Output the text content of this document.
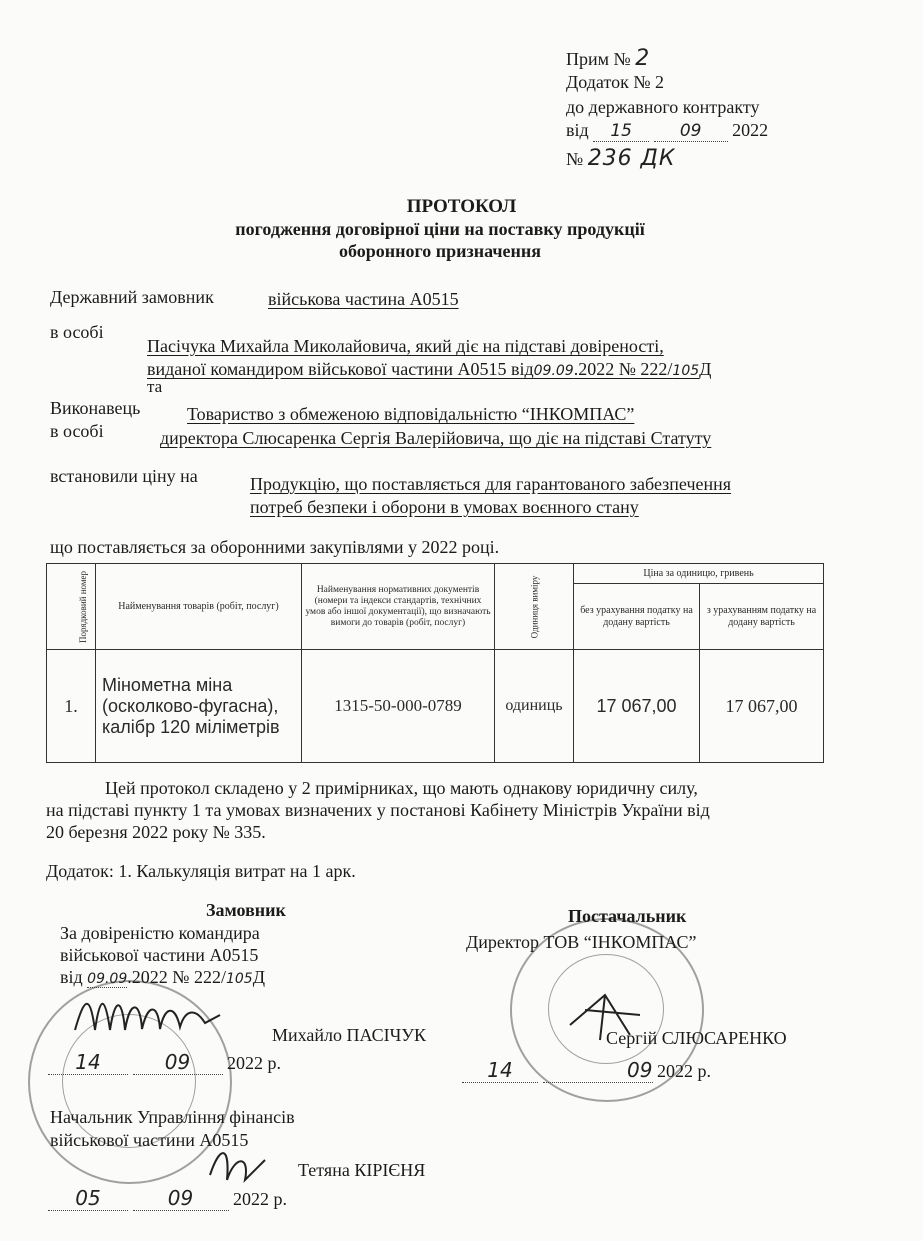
Прим № 2
Додаток № 2
до державного контракту
від 15	09 2022
№ 236 ДК
ПРОТОКОЛ
погодження договірної ціни на поставку продукції
оборонного призначення
Державний замовник	військова частина А0515
в особі
Пасічука Михайла Миколайовича, який діє на підставі довіреності,
виданої командиром військової частини А0515 від09.09.2022 № 222/105Д
та
Виконавець	Товариство з обмеженою відповідальністю “ІНКОМПАС”
в особі	директора Слюсаренка Сергія Валерійовича, що діє на підставі Статуту
встановили ціну на	Продукцію, що поставляється для гарантованого забезпечення
потреб безпеки і оборони в умовах воєнного стану
що поставляється за оборонними закупівлями у 2022 році.
Порядковий номер	Найменування товарів (робіт, послуг)	Найменування нормативних документів (номери та індекси стандартів, технічних умов або іншої документації), що визначають вимоги до товарів (робіт, послуг)	Одиниця виміру	Ціна за одиницю, гривень	
				без урахування податку на додану вартість	з урахуванням податку на додану вартість
1.	Мінометна міна (осколково-фугасна), калібр 120 міліметрів	1315-50-000-0789	одиниць	17 067,00	17 067,00
Цей протокол складено у 2 примірниках, що мають однакову юридичну силу,
на підставі пункту 1 та умовах визначених у постанові Кабінету Міністрів України від
20 березня 2022 року № 335.
Додаток: 1. Калькуляція витрат на 1 арк.
Замовник
За довіреністю командира
військової частини А0515
від 09.09.2022 № 222/105Д
Михайло ПАСІЧУК
14	09 2022 р.
Постачальник
Директор ТОВ “ІНКОМПАС”
Сергій СЛЮСАРЕНКО
14	09 2022 р.
Начальник Управління фінансів
військової частини А0515
Тетяна КІРІЄНЯ
05	09 2022 р.
